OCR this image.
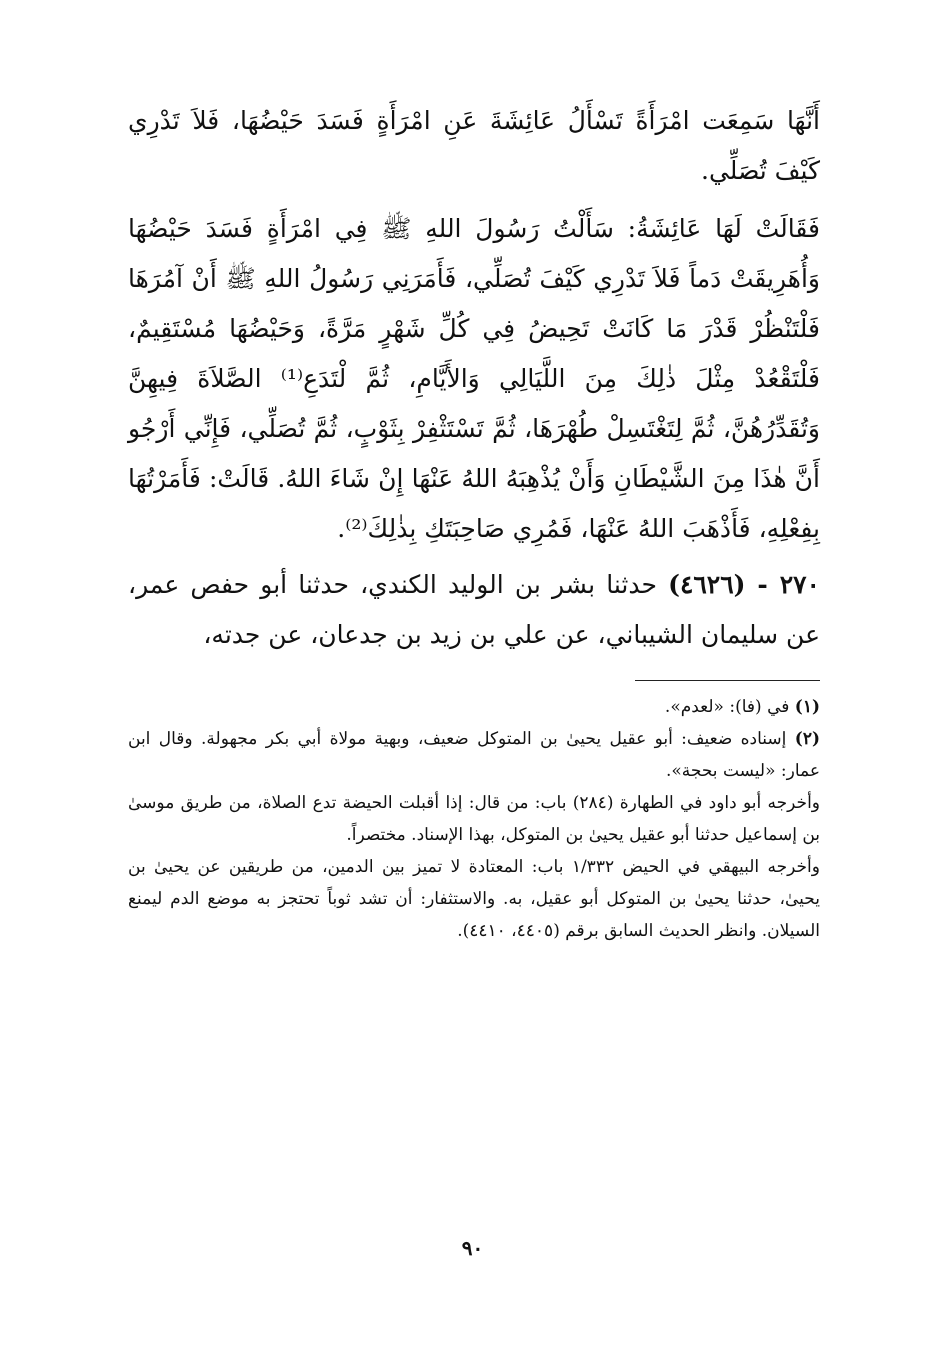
أَنَّهَا سَمِعَت امْرَأَةً تَسْأَلُ عَائِشَةَ عَنِ امْرَأَةٍ فَسَدَ حَيْضُهَا، فَلاَ تَدْرِي كَيْفَ تُصَلِّي.

فَقَالَتْ لَهَا عَائِشَةُ: سَأَلْتُ رَسُولَ اللهِ ﷺ فِي امْرَأَةٍ فَسَدَ حَيْضُهَا وَأُهَرِيقَتْ دَماً فَلاَ تَدْرِي كَيْفَ تُصَلِّي، فَأَمَرَنِي رَسُولُ اللهِ ﷺ أَنْ آمُرَهَا فَلْتَنْظُرْ قَدْرَ مَا كَانَتْ تَحِيضُ فِي كُلِّ شَهْرٍ مَرَّةً، وَحَيْضُهَا مُسْتَقِيمٌ، فَلْتَقْعُدْ مِثْلَ ذٰلِكَ مِنَ اللَّيَالِي وَالأَيَّامِ، ثُمَّ لْتَدَعِ⁽¹⁾ الصَّلاَةَ فِيهِنَّ وَتُقَدِّرُهُنَّ، ثُمَّ لِتَغْتَسِلْ طُهْرَهَا، ثُمَّ تَسْتَثْفِرْ بِثَوْبٍ، ثُمَّ تُصَلِّي، فَإِنِّي أَرْجُو أَنَّ هٰذَا مِنَ الشَّيْطَانِ وَأَنْ يُذْهِبَهُ اللهُ عَنْهَا إِنْ شَاءَ اللهُ. قَالَتْ: فَأَمَرْتُهَا بِفِعْلِهِ، فَأَذْهَبَ اللهُ عَنْهَا، فَمُرِي صَاحِبَتَكِ بِذٰلِكَ⁽²⁾.

٢٧٠ - (٤٦٢٦) حدثنا بشر بن الوليد الكندي، حدثنا أبو حفص عمر، عن سليمان الشيباني، عن علي بن زيد بن جدعان، عن جدته،

(١) في (فا): «لعدم».

(٢) إسناده ضعيف: أبو عقيل يحيىٰ بن المتوكل ضعيف، وبهية مولاة أبي بكر مجهولة. وقال ابن عمار: «ليست بحجة».

وأخرجه أبو داود في الطهارة (٢٨٤) باب: من قال: إذا أقبلت الحيضة تدع الصلاة، من طريق موسىٰ بن إسماعيل حدثنا أبو عقيل يحيىٰ بن المتوكل، بهذا الإسناد. مختصراً.

وأخرجه البيهقي في الحيض ١/٣٣٢ باب: المعتادة لا تميز بين الدمين، من طريقين عن يحيىٰ بن يحيىٰ، حدثنا يحيىٰ بن المتوكل أبو عقيل، به. والاستثفار: أن تشد ثوباً تحتجز به موضع الدم ليمنع السيلان. وانظر الحديث السابق برقم (٤٤٠٥، ٤٤١٠).

٩٠
